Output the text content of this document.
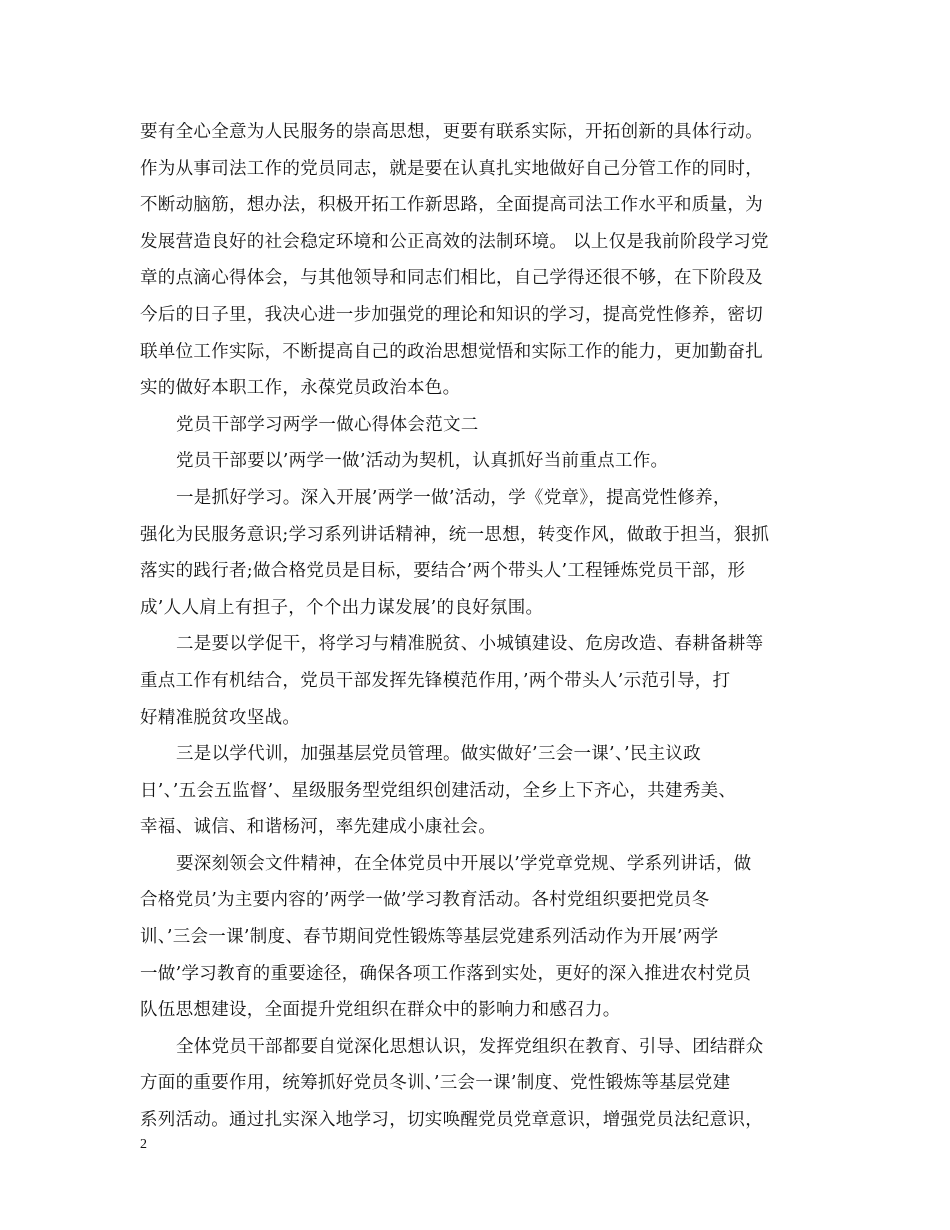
要有全心全意为人民服务的崇高思想，更要有联系实际，开拓创新的具体行动。
作为从事司法工作的党员同志，就是要在认真扎实地做好自己分管工作的同时，
不断动脑筋，想办法，积极开拓工作新思路，全面提高司法工作水平和质量，为
发展营造良好的社会稳定环境和公正高效的法制环境。 以上仅是我前阶段学习党
章的点滴心得体会，与其他领导和同志们相比，自己学得还很不够，在下阶段及
今后的日子里，我决心进一步加强党的理论和知识的学习，提高党性修养，密切
联单位工作实际，不断提高自己的政治思想觉悟和实际工作的能力，更加勤奋扎
实的做好本职工作，永葆党员政治本色。
党员干部学习两学一做心得体会范文二
党员干部要以’两学一做’活动为契机，认真抓好当前重点工作。
一是抓好学习。深入开展’两学一做’活动，学《党章》，提高党性修养，
强化为民服务意识;学习系列讲话精神，统一思想，转变作风，做敢于担当，狠抓
落实的践行者;做合格党员是目标，要结合’两个带头人’工程锤炼党员干部，形
成’人人肩上有担子，个个出力谋发展’的良好氛围。
二是要以学促干，将学习与精准脱贫、小城镇建设、危房改造、春耕备耕等
重点工作有机结合，党员干部发挥先锋模范作用，’两个带头人’示范引导，打
好精准脱贫攻坚战。
三是以学代训，加强基层党员管理。做实做好’三会一课’、’民主议政
日’、’五会五监督’、星级服务型党组织创建活动，全乡上下齐心，共建秀美、
幸福、诚信、和谐杨河，率先建成小康社会。
要深刻领会文件精神，在全体党员中开展以’学党章党规、学系列讲话，做
合格党员’为主要内容的’两学一做’学习教育活动。各村党组织要把党员冬
训、’三会一课’制度、春节期间党性锻炼等基层党建系列活动作为开展’两学
一做’学习教育的重要途径，确保各项工作落到实处，更好的深入推进农村党员
队伍思想建设，全面提升党组织在群众中的影响力和感召力。
全体党员干部都要自觉深化思想认识，发挥党组织在教育、引导、团结群众
方面的重要作用，统筹抓好党员冬训、’三会一课’制度、党性锻炼等基层党建
系列活动。通过扎实深入地学习，切实唤醒党员党章意识，增强党员法纪意识，
2
